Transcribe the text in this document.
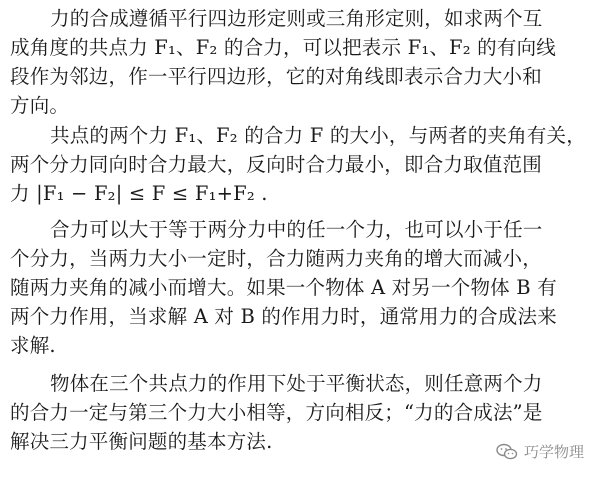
力的合成遵循平行四边形定则或三角形定则，如求两个互
成角度的共点力 F₁、F₂ 的合力，可以把表示 F₁、F₂ 的有向线
段作为邻边，作一平行四边形，它的对角线即表示合力大小和
方向。

共点的两个力 F₁、F₂ 的合力 F 的大小，与两者的夹角有关，
两个分力同向时合力最大，反向时合力最小，即合力取值范围
力 |F₁ − F₂| ≤ F ≤ F₁+F₂ .

合力可以大于等于两分力中的任一个力，也可以小于任一
个分力，当两力大小一定时，合力随两力夹角的增大而减小，
随两力夹角的减小而增大。如果一个物体 A 对另一个物体 B 有
两个力作用，当求解 A 对 B 的作用力时，通常用力的合成法来
求解.

物体在三个共点力的作用下处于平衡状态，则任意两个力
的合力一定与第三个力大小相等，方向相反；“力的合成法”是
解决三力平衡问题的基本方法.	巧学物理
